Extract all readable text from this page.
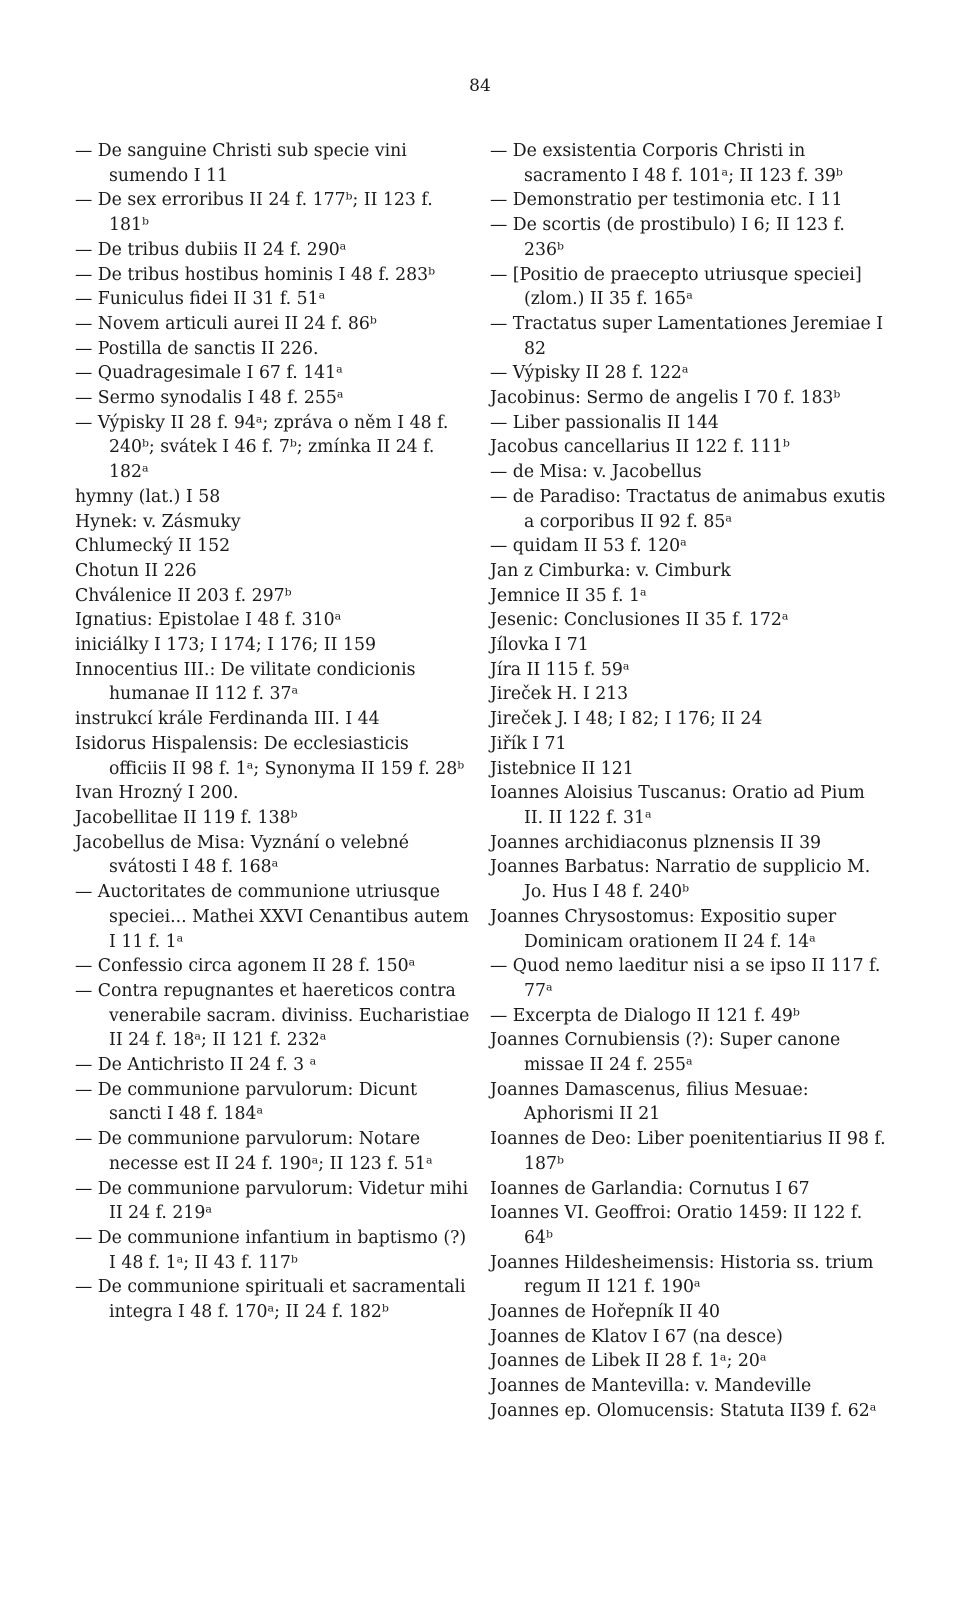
84

— De sanguine Christi sub specie vini sumendo I 11

— De sex erroribus II 24 f. 177ᵇ; II 123 f. 181ᵇ

— De tribus dubiis II 24 f. 290ᵃ

— De tribus hostibus hominis I 48 f. 283ᵇ

— Funiculus fidei II 31 f. 51ᵃ

— Novem articuli aurei II 24 f. 86ᵇ

— Postilla de sanctis II 226.

— Quadragesimale I 67 f. 141ᵃ

— Sermo synodalis I 48 f. 255ᵃ

— Výpisky II 28 f. 94ᵃ; zpráva o něm I 48 f. 240ᵇ; svátek I 46 f. 7ᵇ; zmínka II 24 f. 182ᵃ

hymny (lat.) I 58

Hynek: v. Zásmuky

Chlumecký II 152

Chotun II 226

Chválenice II 203 f. 297ᵇ

Ignatius: Epistolae I 48 f. 310ᵃ

iniciálky I 173; I 174; I 176; II 159

Innocentius III.: De vilitate condicionis humanae II 112 f. 37ᵃ

instrukcí krále Ferdinanda III. I 44

Isidorus Hispalensis: De ecclesiasticis officiis II 98 f. 1ᵃ; Synonyma II 159 f. 28ᵇ

Ivan Hrozný I 200.

Jacobellitae II 119 f. 138ᵇ

Jacobellus de Misa: Vyznání o velebné svátosti I 48 f. 168ᵃ

— Auctoritates de communione utriusque speciei... Mathei XXVI Cenantibus autem I 11 f. 1ᵃ

— Confessio circa agonem II 28 f. 150ᵃ

— Contra repugnantes et haereticos contra venerabile sacram. diviniss. Eucharistiae II 24 f. 18ᵃ; II 121 f. 232ᵃ

— De Antichristo II 24 f. 3 ᵃ

— De communione parvulorum: Dicunt sancti I 48 f. 184ᵃ

— De communione parvulorum: Notare necesse est II 24 f. 190ᵃ; II 123 f. 51ᵃ

— De communione parvulorum: Videtur mihi II 24 f. 219ᵃ

— De communione infantium in baptismo (?) I 48 f. 1ᵃ; II 43 f. 117ᵇ

— De communione spirituali et sacramentali integra I 48 f. 170ᵃ; II 24 f. 182ᵇ

— De exsistentia Corporis Christi in sacramento I 48 f. 101ᵃ; II 123 f. 39ᵇ

— Demonstratio per testimonia etc. I 11

— De scortis (de prostibulo) I 6; II 123 f. 236ᵇ

— [Positio de praecepto utriusque speciei] (zlom.) II 35 f. 165ᵃ

— Tractatus super Lamentationes Jeremiae I 82

— Výpisky II 28 f. 122ᵃ

Jacobinus: Sermo de angelis I 70 f. 183ᵇ

— Liber passionalis II 144

Jacobus cancellarius II 122 f. 111ᵇ

— de Misa: v. Jacobellus

— de Paradiso: Tractatus de animabus exutis a corporibus II 92 f. 85ᵃ

— quidam II 53 f. 120ᵃ

Jan z Cimburka: v. Cimburk

Jemnice II 35 f. 1ᵃ

Jesenic: Conclusiones II 35 f. 172ᵃ

Jílovka I 71

Jíra II 115 f. 59ᵃ

Jireček H. I 213

Jireček J. I 48; I 82; I 176; II 24

Jiřík I 71

Jistebnice II 121

Ioannes Aloisius Tuscanus: Oratio ad Pium II. II 122 f. 31ᵃ

Joannes archidiaconus plznensis II 39

Joannes Barbatus: Narratio de supplicio M. Jo. Hus I 48 f. 240ᵇ

Joannes Chrysostomus: Expositio super Dominicam orationem II 24 f. 14ᵃ

— Quod nemo laeditur nisi a se ipso II 117 f. 77ᵃ

— Excerpta de Dialogo II 121 f. 49ᵇ

Joannes Cornubiensis (?): Super canone missae II 24 f. 255ᵃ

Joannes Damascenus, filius Mesuae: Aphorismi II 21

Ioannes de Deo: Liber poenitentiarius II 98 f. 187ᵇ

Ioannes de Garlandia: Cornutus I 67

Ioannes VI. Geoffroi: Oratio 1459: II 122 f. 64ᵇ

Joannes Hildesheimensis: Historia ss. trium regum II 121 f. 190ᵃ

Joannes de Hořepník II 40

Joannes de Klatov I 67 (na desce)

Joannes de Libek II 28 f. 1ᵃ; 20ᵃ

Joannes de Mantevilla: v. Mandeville

Joannes ep. Olomucensis: Statuta II39 f. 62ᵃ
